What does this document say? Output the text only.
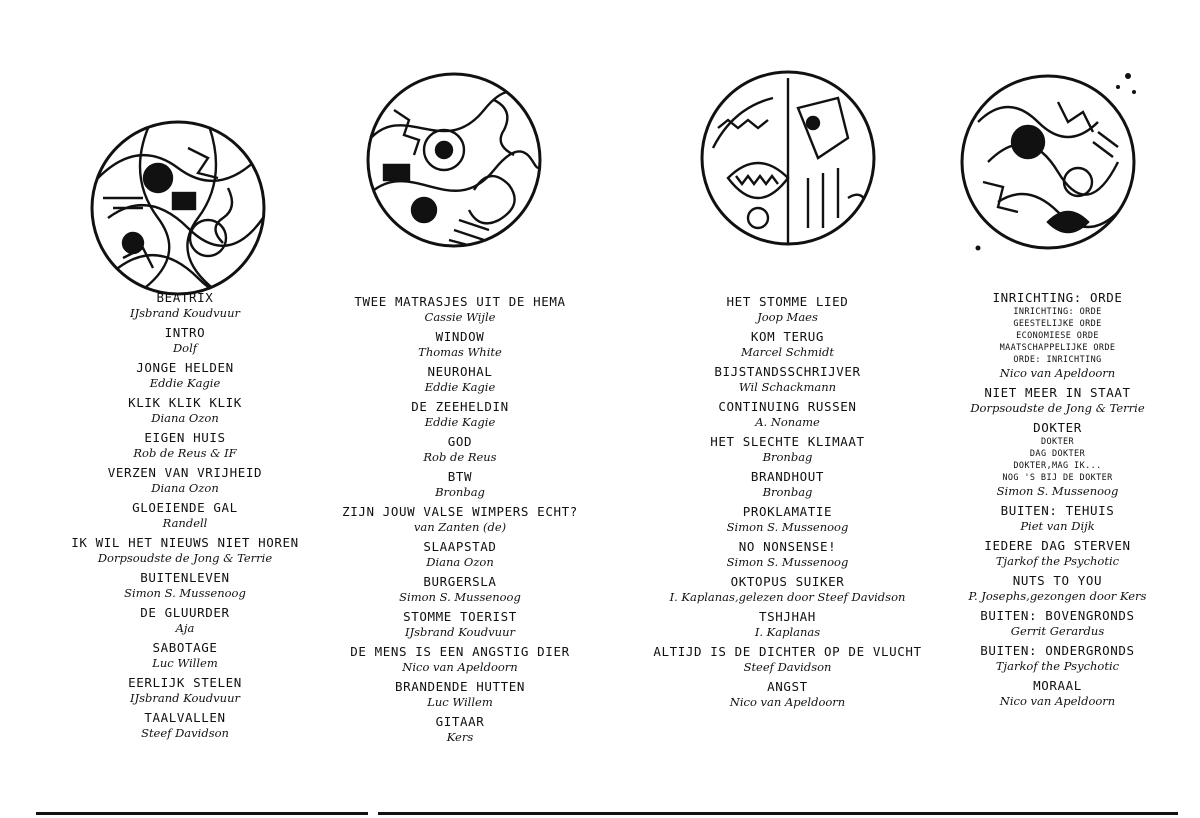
BEATRIX
IJsbrand Koudvuur
INTRO
Dolf
JONGE HELDEN
Eddie Kagie
KLIK KLIK KLIK
Diana Ozon
EIGEN HUIS
Rob de Reus & IF
VERZEN VAN VRIJHEID
Diana Ozon
GLOEIENDE GAL
Randell
IK WIL HET NIEUWS NIET HOREN
Dorpsoudste de Jong & Terrie
BUITENLEVEN
Simon S. Mussenoog
DE GLUURDER
Aja
SABOTAGE
Luc Willem
EERLIJK STELEN
IJsbrand Koudvuur
TAALVALLEN
Steef Davidson
TWEE MATRASJES UIT DE HEMA
Cassie Wijle
WINDOW
Thomas White
NEUROHAL
Eddie Kagie
DE ZEEHELDIN
Eddie Kagie
GOD
Rob de Reus
BTW
Bronbag
ZIJN JOUW VALSE WIMPERS ECHT?
van Zanten (de)
SLAAPSTAD
Diana Ozon
BURGERSLA
Simon S. Mussenoog
STOMME TOERIST
IJsbrand Koudvuur
DE MENS IS EEN ANGSTIG DIER
Nico van Apeldoorn
BRANDENDE HUTTEN
Luc Willem
GITAAR
Kers
HET STOMME LIED
Joop Maes
KOM TERUG
Marcel Schmidt
BIJSTANDSSCHRIJVER
Wil Schackmann
CONTINUING RUSSEN
A. Noname
HET SLECHTE KLIMAAT
Bronbag
BRANDHOUT
Bronbag
PROKLAMATIE
Simon S. Mussenoog
NO NONSENSE!
Simon S. Mussenoog
OKTOPUS SUIKER
I. Kaplanas,gelezen door Steef Davidson
TSHJHAH
I. Kaplanas
ALTIJD IS DE DICHTER OP DE VLUCHT
Steef Davidson
ANGST
Nico van Apeldoorn
INRICHTING: ORDE
INRICHTING: ORDE
GEESTELIJKE ORDE
ECONOMIESE ORDE
MAATSCHAPPELIJKE ORDE
ORDE: INRICHTING
Nico van Apeldoorn
NIET MEER IN STAAT
Dorpsoudste de Jong & Terrie
DOKTER
DOKTER
DAG DOKTER
DOKTER,MAG IK...
NOG 'S BIJ DE DOKTER
Simon S. Mussenoog
BUITEN: TEHUIS
Piet van Dijk
IEDERE DAG STERVEN
Tjarkof the Psychotic
NUTS TO YOU
P. Josephs,gezongen door Kers
BUITEN: BOVENGRONDS
Gerrit Gerardus
BUITEN: ONDERGRONDS
Tjarkof the Psychotic
MORAAL
Nico van Apeldoorn
